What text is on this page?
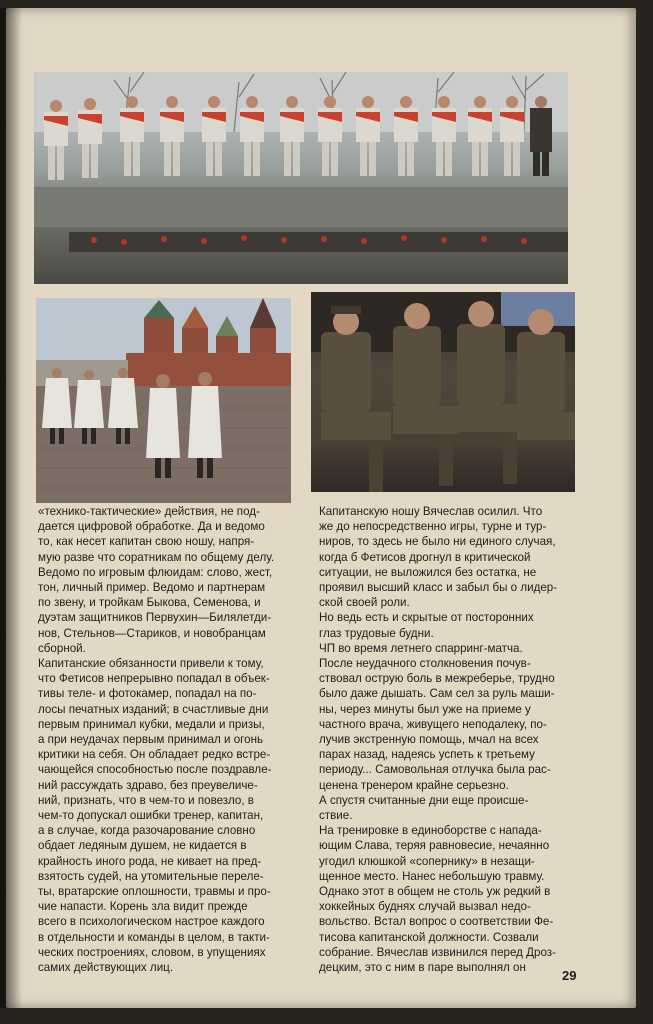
«технико-тактические» действия, не под-
дается цифровой обработке. Да и ведомо
то, как несет капитан свою ношу, напря-
мую разве что соратникам по общему делу.
Ведомо по игровым флюидам: слово, жест,
тон, личный пример. Ведомо и партнерам
по звену, и тройкам Быкова, Семенова, и
дуэтам защитников Первухин—Билялетди-
нов, Стельнов—Стариков, и новобранцам
сборной.

Капитанские обязанности привели к тому,
что Фетисов непрерывно попадал в объек-
тивы теле- и фотокамер, попадал на по-
лосы печатных изданий; в счастливые дни
первым принимал кубки, медали и призы,
а при неудачах первым принимал и огонь
критики на себя. Он обладает редко встре-
чающейся способностью после поздравле-
ний рассуждать здраво, без преувеличе-
ний, признать, что в чем-то и повезло, в
чем-то допускал ошибки тренер, капитан,
а в случае, когда разочарование словно
обдает ледяным душем, не кидается в
крайность иного рода, не кивает на пред-
взятость судей, на утомительные перелe-
ты, вратарские оплошности, травмы и про-
чие напасти. Корень зла видит прежде
всего в психологическом настрое каждого
в отдельности и команды в целом, в такти-
ческих построениях, словом, в упущениях
самих действующих лиц.

Капитанскую ношу Вячеслав осилил. Что
же до непосредственно игры, турне и тур-
ниров, то здесь не было ни единого случая,
когда б Фетисов дрогнул в критической
ситуации, не выложился без остатка, не
проявил высший класс и забыл бы о лидер-
ской своей роли.

Но ведь есть и скрытые от посторонних
глаз трудовые будни.

ЧП во время летнего спарринг-матча.
После неудачного столкновения почув-
ствовал острую боль в межреберье, трудно
было даже дышать. Сам сел за руль маши-
ны, через минуты был уже на приеме у
частного врача, живущего неподалеку, по-
лучив экстренную помощь, мчал на всех
парах назад, надеясь успеть к третьему
периоду... Самовольная отлучка была рас-
ценена тренером крайне серьезно.

А спустя считанные дни еще происше-
ствие.

На тренировке в единоборстве с напада-
ющим Слава, теряя равновесие, нечаянно
угодил клюшкой «сопернику» в незащи-
щенное место. Нанес небольшую травму.
Однако этот в общем не столь уж редкий в
хоккейных буднях случай вызвал недо-
вольство. Встал вопрос о соответствии Фе-
тисова капитанской должности. Созвали
собрание. Вячеслав извинился перед Дроз-
децким, это с ним в паре выполнял он

29
